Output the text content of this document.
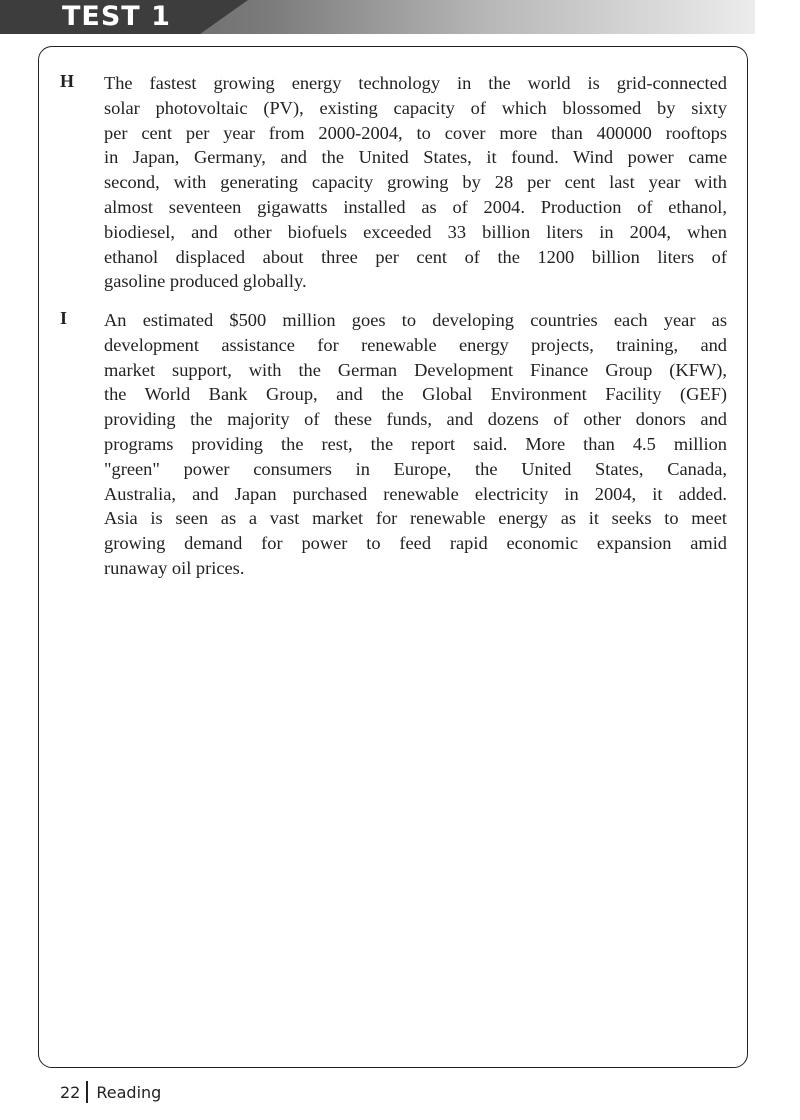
TEST 1
H The fastest growing energy technology in the world is grid-connected
solar photovoltaic (PV), existing capacity of which blossomed by sixty
per cent per year from 2000-2004, to cover more than 400000 rooftops
in Japan, Germany, and the United States, it found. Wind power came
second, with generating capacity growing by 28 per cent last year with
almost seventeen gigawatts installed as of 2004. Production of ethanol,
biodiesel, and other biofuels exceeded 33 billion liters in 2004, when
ethanol displaced about three per cent of the 1200 billion liters of
gasoline produced globally.
I An estimated $500 million goes to developing countries each year as
development assistance for renewable energy projects, training, and
market support, with the German Development Finance Group (KFW),
the World Bank Group, and the Global Environment Facility (GEF)
providing the majority of these funds, and dozens of other donors and
programs providing the rest, the report said. More than 4.5 million
"green" power consumers in Europe, the United States, Canada,
Australia, and Japan purchased renewable electricity in 2004, it added.
Asia is seen as a vast market for renewable energy as it seeks to meet
growing demand for power to feed rapid economic expansion amid
runaway oil prices.
22 Reading
